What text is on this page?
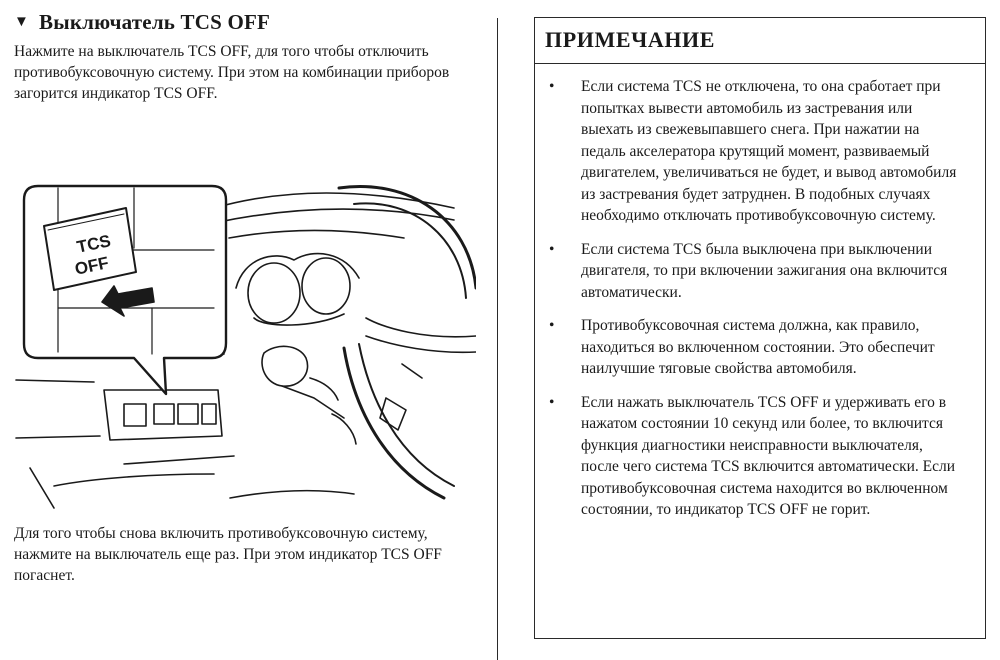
▼ Выключатель TCS OFF

Нажмите на выключатель TCS OFF, для того чтобы отключить противобуксовочную систему. При этом на комбинации приборов загорится индикатор TCS OFF.

TCS
OFF

Для того чтобы снова включить противобуксовочную систему, нажмите на выключатель еще раз. При этом индикатор TCS OFF погаснет.

ПРИМЕЧАНИЕ
•	Если система TCS не отключена, то она сработает при попытках вывести автомобиль из застревания или выехать из свежевыпавшего снега. При нажатии на педаль акселератора крутящий момент, развиваемый двигателем, увеличиваться не будет, и вывод автомобиля из застревания будет затруднен. В подобных случаях необходимо отключать противобуксовочную систему.
•	Если система TCS была выключена при выключении двигателя, то при включении зажигания она включится автоматически.
•	Противобуксовочная система должна, как правило, находиться во включенном состоянии. Это обеспечит наилучшие тяговые свойства автомобиля.
•	Если нажать выключатель TCS OFF и удерживать его в нажатом состоянии 10 секунд или более, то включится функция диагностики неисправности выключателя, после чего система TCS включится автоматически. Если противобуксовочная система находится во включенном состоянии, то индикатор TCS OFF не горит.
